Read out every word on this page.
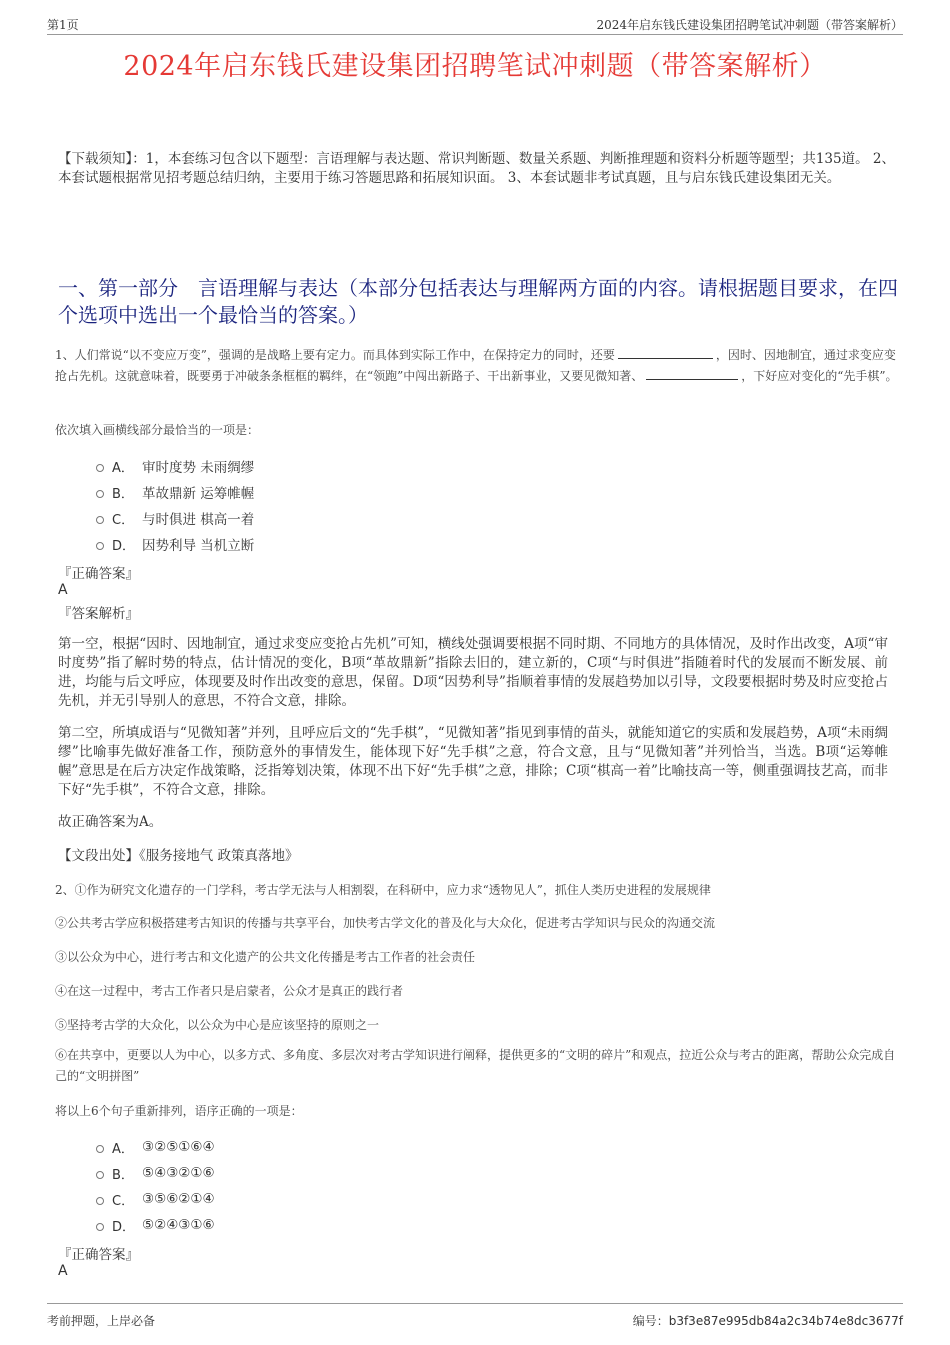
第1页	2024年启东钱氏建设集团招聘笔试冲刺题（带答案解析）
2024年启东钱氏建设集团招聘笔试冲刺题（带答案解析）
【下载须知】：1，本套练习包含以下题型：言语理解与表达题、常识判断题、数量关系题、判断推理题和资料分析题等题型；共135道。 2、本套试题根据常见招考题总结归纳，主要用于练习答题思路和拓展知识面。 3、本套试题非考试真题，且与启东钱氏建设集团无关。
一、第一部分　言语理解与表达（本部分包括表达与理解两方面的内容。请根据题目要求，在四个选项中选出一个最恰当的答案。）
1、人们常说“以不变应万变”，强调的是战略上要有定力。而具体到实际工作中，在保持定力的同时，还要	，因时、因地制宜，通过求变应变抢占先机。这就意味着，既要勇于冲破条条框框的羁绊，在“领跑”中闯出新路子、干出新事业，又要见微知著、	，下好应对变化的“先手棋”。
依次填入画横线部分最恰当的一项是：
A． 审时度势 未雨绸缪
B． 革故鼎新 运筹帷幄
C． 与时俱进 棋高一着
D． 因势利导 当机立断
『正确答案』
A
『答案解析』
第一空，根据“因时、因地制宜，通过求变应变抢占先机”可知，横线处强调要根据不同时期、不同地方的具体情况，及时作出改变，A项“审时度势”指了解时势的特点，估计情况的变化，B项“革故鼎新”指除去旧的，建立新的，C项“与时俱进”指随着时代的发展而不断发展、前进，均能与后文呼应，体现要及时作出改变的意思，保留。D项“因势利导”指顺着事情的发展趋势加以引导，文段要根据时势及时应变抢占先机，并无引导别人的意思，不符合文意，排除。
第二空，所填成语与“见微知著”并列，且呼应后文的“先手棋”，“见微知著”指见到事情的苗头，就能知道它的实质和发展趋势，A项“未雨绸缪”比喻事先做好准备工作，预防意外的事情发生，能体现下好“先手棋”之意，符合文意，且与“见微知著”并列恰当，当选。B项“运筹帷幄”意思是在后方决定作战策略，泛指筹划决策，体现不出下好“先手棋”之意，排除；C项“棋高一着”比喻技高一等，侧重强调技艺高，而非下好“先手棋”，不符合文意，排除。
故正确答案为A。
【文段出处】《服务接地气 政策真落地》
2、①作为研究文化遗存的一门学科，考古学无法与人相割裂，在科研中，应力求“透物见人”，抓住人类历史进程的发展规律
②公共考古学应积极搭建考古知识的传播与共享平台，加快考古学文化的普及化与大众化，促进考古学知识与民众的沟通交流
③以公众为中心，进行考古和文化遗产的公共文化传播是考古工作者的社会责任
④在这一过程中，考古工作者只是启蒙者，公众才是真正的践行者
⑤坚持考古学的大众化，以公众为中心是应该坚持的原则之一
⑥在共享中，更要以人为中心，以多方式、多角度、多层次对考古学知识进行阐释，提供更多的“文明的碎片”和观点，拉近公众与考古的距离，帮助公众完成自己的“文明拼图”
将以上6个句子重新排列，语序正确的一项是：
A． ③②⑤①⑥④
B． ⑤④③②①⑥
C． ③⑤⑥②①④
D． ⑤②④③①⑥
『正确答案』
A
考前押题，上岸必备	编号：b3f3e87e995db84a2c34b74e8dc3677f
